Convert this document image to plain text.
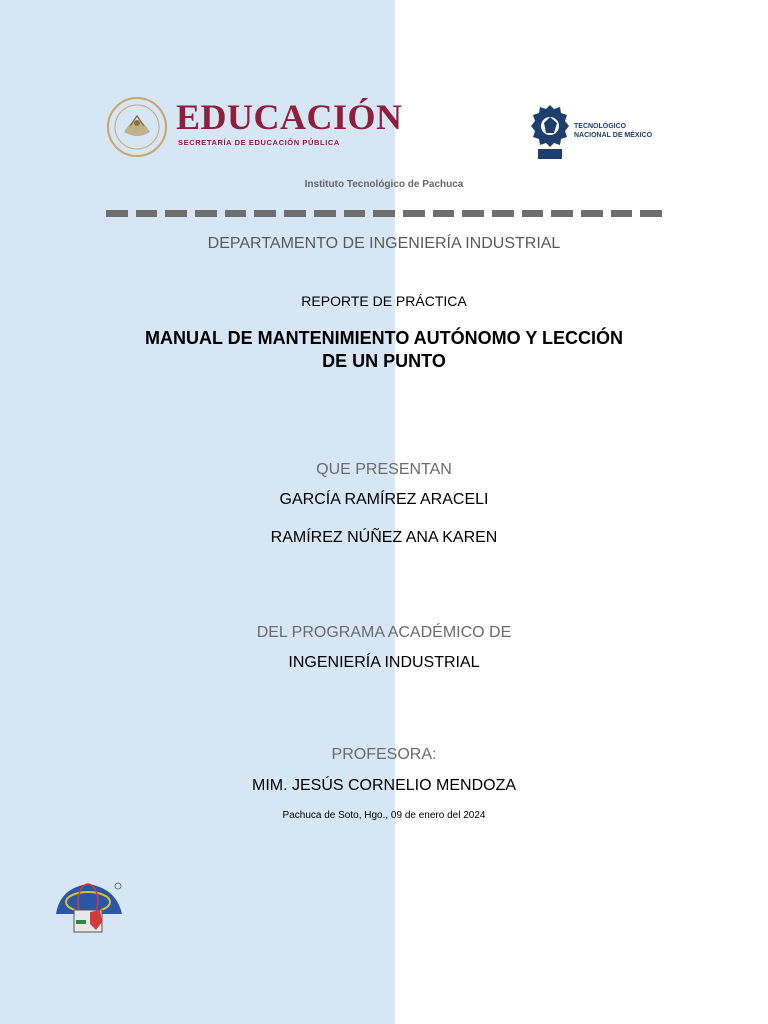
EDUCACIÓN
SECRETARÍA DE EDUCACIÓN PÚBLICA
TECNOLÓGICO
NACIONAL DE MÉXICO
Instituto Tecnológico de Pachuca
DEPARTAMENTO DE INGENIERÍA INDUSTRIAL
REPORTE DE PRÁCTICA
MANUAL DE MANTENIMIENTO AUTÓNOMO Y LECCIÓN
DE UN PUNTO
QUE PRESENTAN
GARCÍA RAMÍREZ ARACELI
RAMÍREZ NÚÑEZ ANA KAREN
DEL PROGRAMA ACADÉMICO DE
INGENIERÍA INDUSTRIAL
PROFESORA:
MIM. JESÚS CORNELIO MENDOZA
Pachuca de Soto, Hgo., 09 de enero del 2024
